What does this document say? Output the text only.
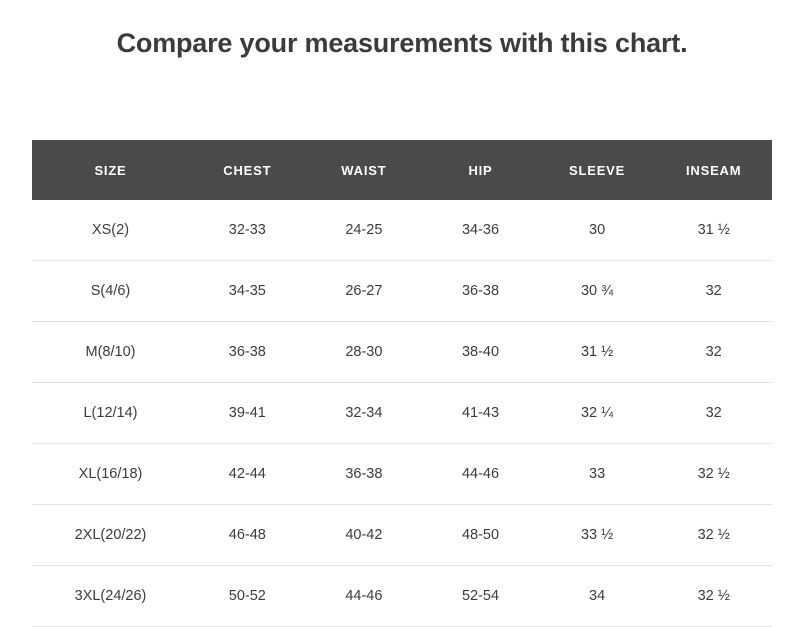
Compare your measurements with this chart.
SIZE	CHEST	WAIST	HIP	SLEEVE	INSEAM
XS(2)	32-33	24-25	34-36	30	31 ½
S(4/6)	34-35	26-27	36-38	30 ¾	32
M(8/10)	36-38	28-30	38-40	31 ½	32
L(12/14)	39-41	32-34	41-43	32 ¼	32
XL(16/18)	42-44	36-38	44-46	33	32 ½
2XL(20/22)	46-48	40-42	48-50	33 ½	32 ½
3XL(24/26)	50-52	44-46	52-54	34	32 ½
